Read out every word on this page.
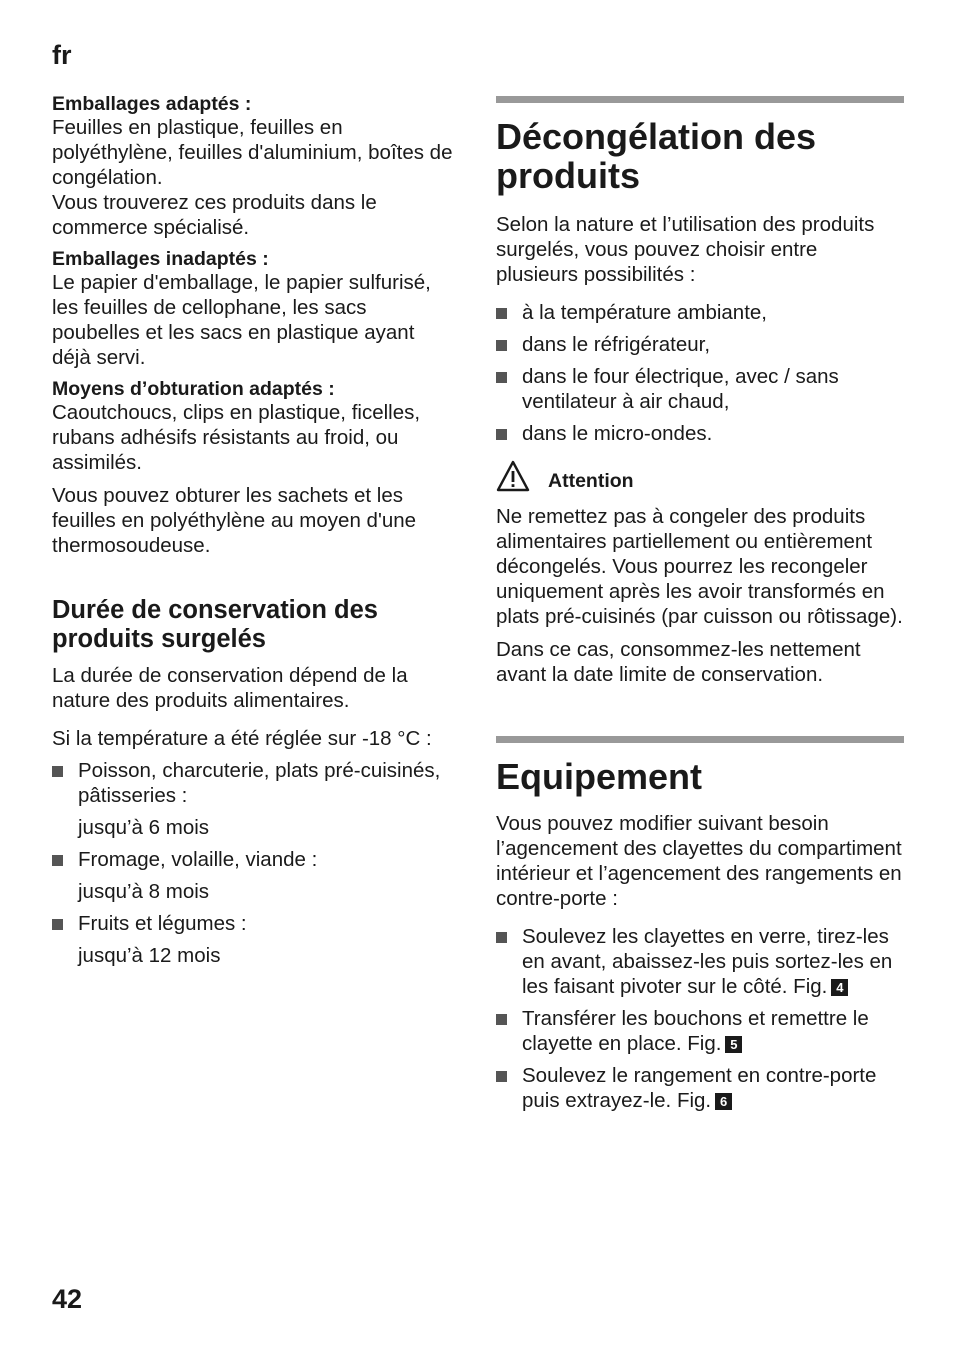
fr

Emballages adaptés :

Feuilles en plastique, feuilles en polyéthylène, feuilles d'aluminium, boîtes de congélation.

Vous trouverez ces produits dans le commerce spécialisé.

Emballages inadaptés :

Le papier d'emballage, le papier sulfurisé, les feuilles de cellophane, les sacs poubelles et les sacs en plastique ayant déjà servi.

Moyens d’obturation adaptés :

Caoutchoucs, clips en plastique, ficelles, rubans adhésifs résistants au froid, ou assimilés.

Vous pouvez obturer les sachets et les feuilles en polyéthylène au moyen d'une thermosoudeuse.

Durée de conservation des produits surgelés

La durée de conservation dépend de la nature des produits alimentaires.

Si la température a été réglée sur -18 °C :

Poisson, charcuterie, plats pré-cuisinés, pâtisseries :
jusqu’à 6 mois
Fromage, volaille, viande :
jusqu’à 8 mois
Fruits et légumes :
jusqu’à 12 mois
Décongélation des produits

Selon la nature et l’utilisation des produits surgelés, vous pouvez choisir entre plusieurs possibilités :

à la température ambiante,
dans le réfrigérateur,
dans le four électrique, avec / sans ventilateur à air chaud,
dans le micro-ondes.
Attention

Ne remettez pas à congeler des produits alimentaires partiellement ou entièrement décongelés. Vous pourrez les recongeler uniquement après les avoir transformés en plats pré-cuisinés (par cuisson ou rôtissage).

Dans ce cas, consommez-les nettement avant la date limite de conservation.

Equipement

Vous pouvez modifier suivant besoin l’agencement des clayettes du compartiment intérieur et l’agencement des rangements en contre-porte :

Soulevez les clayettes en verre, tirez-les en avant, abaissez-les puis sortez-les en les faisant pivoter sur le côté. Fig. 4
Transférer les bouchons et remettre le clayette en place. Fig. 5
Soulevez le rangement en contre-porte puis extrayez-le. Fig. 6
42
